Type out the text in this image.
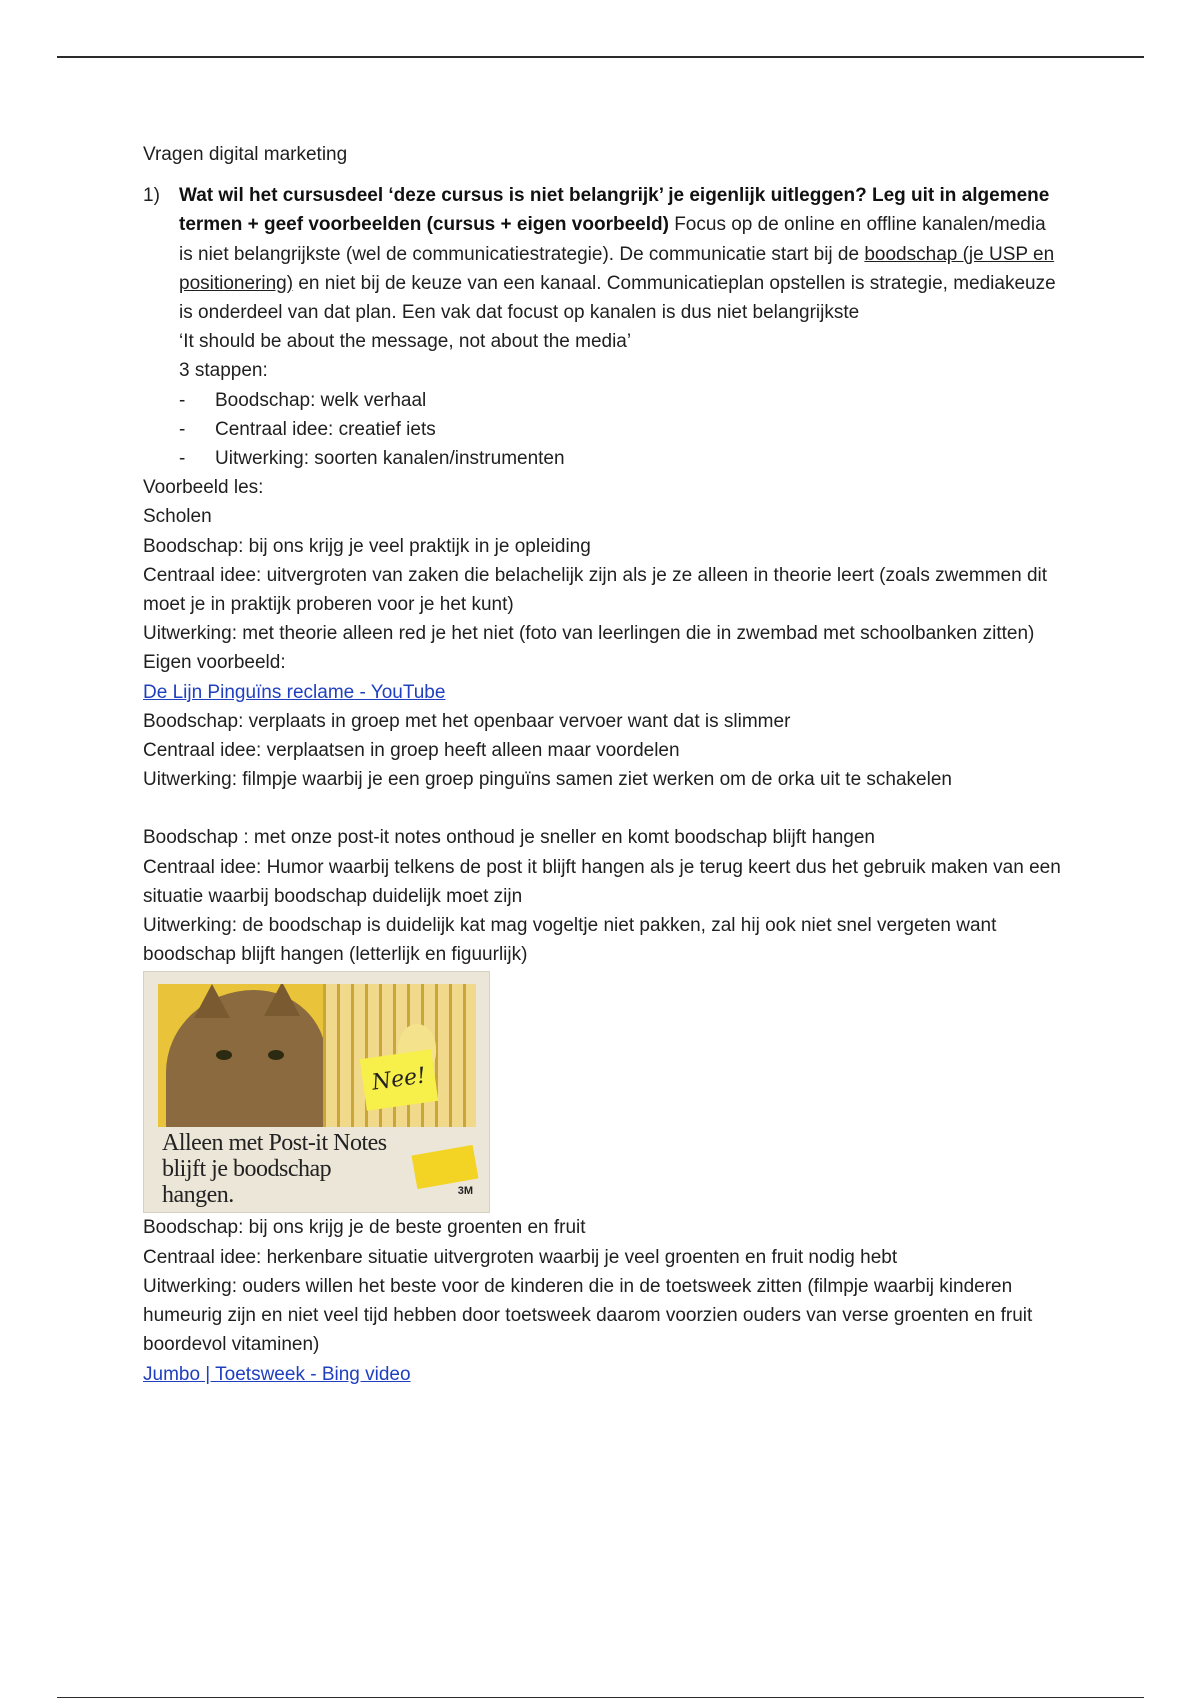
Vragen digital marketing
1)	Wat wil het cursusdeel ‘deze cursus is niet belangrijk’ je eigenlijk uitleggen? Leg uit in algemene termen + geef voorbeelden (cursus + eigen voorbeeld) Focus op de online en offline kanalen/media is niet belangrijkste (wel de communicatiestrategie). De communicatie start bij de boodschap (je USP en positionering) en niet bij de keuze van een kanaal. Communicatieplan opstellen is strategie, mediakeuze is onderdeel van dat plan. Een vak dat focust op kanalen is dus niet belangrijkste
‘It should be about the message, not about the media’
3 stappen:
-	Boodschap: welk verhaal
-	Centraal idee: creatief iets
-	Uitwerking: soorten kanalen/instrumenten
Voorbeeld les:
Scholen
Boodschap: bij ons krijg je veel praktijk in je opleiding
Centraal idee: uitvergroten van zaken die belachelijk zijn als je ze alleen in theorie leert (zoals zwemmen dit moet je in praktijk proberen voor je het kunt)
Uitwerking: met theorie alleen red je het niet (foto van leerlingen die in zwembad met schoolbanken zitten)
Eigen voorbeeld:
De Lijn Pinguïns reclame - YouTube
Boodschap: verplaats in groep met het openbaar vervoer want dat is slimmer
Centraal idee: verplaatsen in groep heeft alleen maar voordelen
Uitwerking: filmpje waarbij je een groep pinguïns samen ziet werken om de orka uit te schakelen
Boodschap : met onze post-it notes onthoud je sneller en komt boodschap blijft hangen
Centraal idee: Humor waarbij telkens de post it blijft hangen als je terug keert dus het gebruik maken van een situatie waarbij boodschap duidelijk moet zijn
Uitwerking: de boodschap is duidelijk kat mag vogeltje niet pakken, zal hij ook niet snel vergeten want boodschap blijft hangen (letterlijk en figuurlijk)
Nee!
Alleen met Post-it Notes blijft je boodschap hangen.	3M
Boodschap: bij ons krijg je de beste groenten en fruit
Centraal idee: herkenbare situatie uitvergroten waarbij je veel groenten en fruit nodig hebt
Uitwerking: ouders willen het beste voor de kinderen die in de toetsweek zitten (filmpje waarbij kinderen humeurig zijn en niet veel tijd hebben door toetsweek daarom voorzien ouders van verse groenten en fruit boordevol vitaminen)
Jumbo | Toetsweek - Bing video
